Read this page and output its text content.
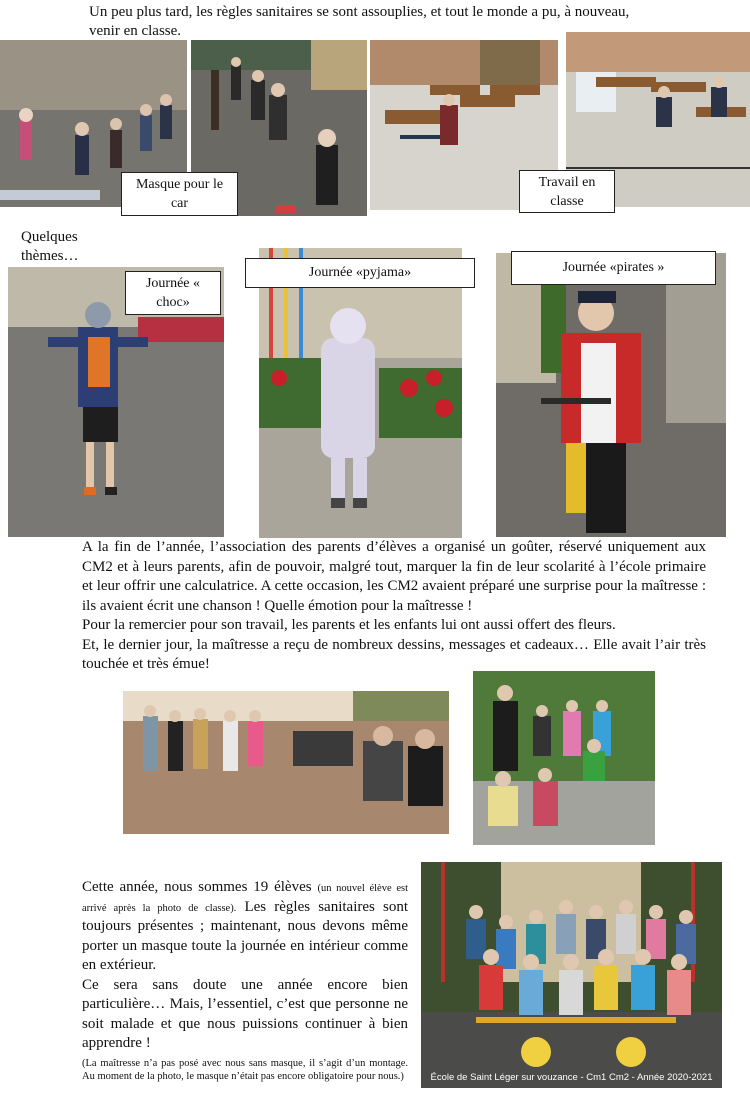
Un peu plus tard, les règles sanitaires se sont assouplies, et tout le monde a pu, à nouveau, venir en classe.
Masque pour le car
Travail en classe
Quelques thèmes…
Journée « choc»
Journée «pyjama»	Journée «pirates »

A la fin de l’année, l’association des parents d’élèves a organisé un goûter, réservé uniquement aux CM2 et à leurs parents, afin de pouvoir, malgré tout, marquer la fin de leur scolarité à l’école primaire et leur offrir une calculatrice. A cette occasion, les CM2 avaient préparé une surprise pour la maîtresse : ils avaient écrit une chanson ! Quelle émotion pour la maîtresse !

Pour la remercier pour son travail, les parents et les enfants lui ont aussi offert des fleurs.

Et, le dernier jour, la maîtresse a reçu de nombreux dessins, messages et cadeaux… Elle avait l’air très touchée et très émue!

Cette année, nous sommes 19 élèves (un nouvel élève est arrivé après la photo de classe). Les règles sanitaires sont toujours présentes ; maintenant, nous devons même porter un masque toute la journée en intérieur comme en extérieur.

Ce sera sans doute une année encore bien particulière… Mais, l’essentiel, c’est que personne ne soit malade et que nous puissions continuer à bien apprendre !

(La maîtresse n’a pas posé avec nous sans masque, il s’agit d’un montage. Au moment de la photo, le masque n’était pas encore obligatoire pour nous.)	École de Saint Léger sur vouzance - Cm1 Cm2 - Année 2020-2021
